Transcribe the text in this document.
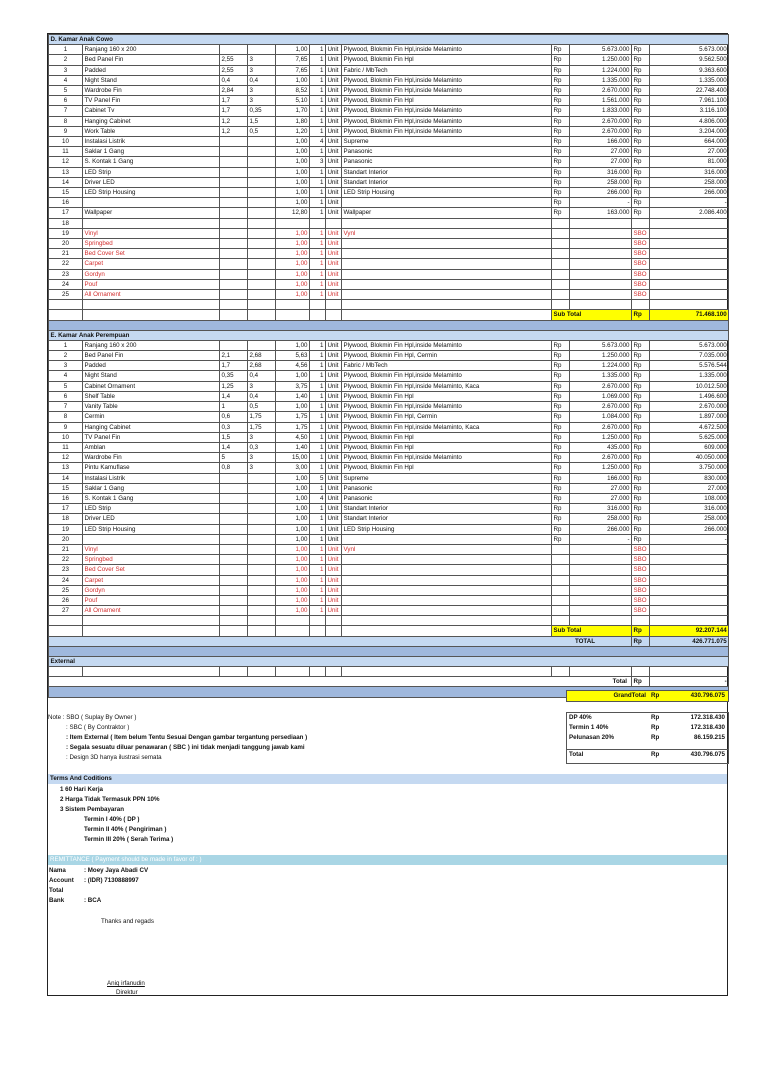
D. Kamar Anak Cowo											
1	Ranjang 160 x 200			1,00	1	Unit	Plywood, Blokmin Fin Hpl,inside Melaminto	Rp	5.673.000	Rp	5.673.000
2	Bed Panel Fin	2,55	3	7,65	1	Unit	Plywood, Blokmin Fin Hpl	Rp	1.250.000	Rp	9.562.500
3	Padded	2,55	3	7,65	1	Unit	Fabric / MbTech	Rp	1.224.000	Rp	9.363.600
4	Night Stand	0,4	0,4	1,00	1	Unit	Plywood, Blokmin Fin Hpl,inside Melaminto	Rp	1.335.000	Rp	1.335.000
5	Wardrobe Fin	2,84	3	8,52	1	Unit	Plywood, Blokmin Fin Hpl,inside Melaminto	Rp	2.670.000	Rp	22.748.400
6	TV Panel Fin	1,7	3	5,10	1	Unit	Plywood, Blokmin Fin Hpl	Rp	1.561.000	Rp	7.961.100
7	Cabinet Tv	1,7	0,35	1,70	1	Unit	Plywood, Blokmin Fin Hpl,inside Melaminto	Rp	1.833.000	Rp	3.116.100
8	Hanging Cabinet	1,2	1,5	1,80	1	Unit	Plywood, Blokmin Fin Hpl,inside Melaminto	Rp	2.670.000	Rp	4.806.000
9	Work Table	1,2	0,5	1,20	1	Unit	Plywood, Blokmin Fin Hpl,inside Melaminto	Rp	2.670.000	Rp	3.204.000
10	Instalasi Listrik			1,00	4	Unit	Supreme	Rp	166.000	Rp	664.000
11	Saklar 1 Gang			1,00	1	Unit	Panasonic	Rp	27.000	Rp	27.000
12	S. Kontak 1 Gang			1,00	3	Unit	Panasonic	Rp	27.000	Rp	81.000
13	LED Strip			1,00	1	Unit	Standart Interior	Rp	316.000	Rp	316.000
14	Driver LED			1,00	1	Unit	Standart Interior	Rp	258.000	Rp	258.000
15	LED Strip Housing			1,00	1	Unit	LED Strip Housing	Rp	266.000	Rp	266.000
16				1,00	1	Unit		Rp	-	Rp	-
17	Wallpaper			12,80	1	Unit	Wallpaper	Rp	163.000	Rp	2.086.400
18											
19	Vinyl			1,00	1	Unit	Vynl			SBO	
20	Springbed			1,00	1	Unit				SBO	
21	Bed Cover Set			1,00	1	Unit				SBO	
22	Carpet			1,00	1	Unit				SBO	
23	Gordyn			1,00	1	Unit				SBO	
24	Pouf			1,00	1	Unit				SBO	
25	All Ornament			1,00	1	Unit				SBO	

								Sub Total		Rp	71.468.100

E. Kamar Anak Perempuan											
1	Ranjang 160 x 200			1,00	1	Unit	Plywood, Blokmin Fin Hpl,inside Melaminto	Rp	5.673.000	Rp	5.673.000
2	Bed Panel Fin	2,1	2,68	5,63	1	Unit	Plywood, Blokmin Fin Hpl, Cermin	Rp	1.250.000	Rp	7.035.000
3	Padded	1,7	2,68	4,56	1	Unit	Fabric / MbTech	Rp	1.224.000	Rp	5.576.544
4	Night Stand	0,35	0,4	1,00	1	Unit	Plywood, Blokmin Fin Hpl,inside Melaminto	Rp	1.335.000	Rp	1.335.000
5	Cabinet Ornament	1,25	3	3,75	1	Unit	Plywood, Blokmin Fin Hpl,inside Melaminto, Kaca	Rp	2.670.000	Rp	10.012.500
6	Shelf Table	1,4	0,4	1,40	1	Unit	Plywood, Blokmin Fin Hpl	Rp	1.069.000	Rp	1.496.600
7	Vanity Table	1	0,5	1,00	1	Unit	Plywood, Blokmin Fin Hpl,inside Melaminto	Rp	2.670.000	Rp	2.670.000
8	Cermin	0,6	1,75	1,75	1	Unit	Plywood, Blokmin Fin Hpl, Cermin	Rp	1.084.000	Rp	1.897.000
9	Hanging Cabinet	0,3	1,75	1,75	1	Unit	Plywood, Blokmin Fin Hpl,inside Melaminto, Kaca	Rp	2.670.000	Rp	4.672.500
10	TV Panel Fin	1,5	3	4,50	1	Unit	Plywood, Blokmin Fin Hpl	Rp	1.250.000	Rp	5.625.000
11	Amblan	1,4	0,3	1,40	1	Unit	Plywood, Blokmin Fin Hpl	Rp	435.000	Rp	609.000
12	Wardrobe Fin	5	3	15,00	1	Unit	Plywood, Blokmin Fin Hpl,inside Melaminto	Rp	2.670.000	Rp	40.050.000
13	Pintu Kamuflase	0,8	3	3,00	1	Unit	Plywood, Blokmin Fin Hpl	Rp	1.250.000	Rp	3.750.000
14	Instalasi Listrik			1,00	5	Unit	Supreme	Rp	166.000	Rp	830.000
15	Saklar 1 Gang			1,00	1	Unit	Panasonic	Rp	27.000	Rp	27.000
16	S. Kontak 1 Gang			1,00	4	Unit	Panasonic	Rp	27.000	Rp	108.000
17	LED Strip			1,00	1	Unit	Standart Interior	Rp	316.000	Rp	316.000
18	Driver LED			1,00	1	Unit	Standart Interior	Rp	258.000	Rp	258.000
19	LED Strip Housing			1,00	1	Unit	LED Strip Housing	Rp	266.000	Rp	266.000
20				1,00	1	Unit		Rp	-	Rp	-
21	Vinyl			1,00	1	Unit	Vynl			SBO	
22	Springbed			1,00	1	Unit				SBO	
23	Bed Cover Set			1,00	1	Unit				SBO	
24	Carpet			1,00	1	Unit				SBO	
25	Gordyn			1,00	1	Unit				SBO	
26	Pouf			1,00	1	Unit				SBO	
27	All Ornament			1,00	1	Unit				SBO	

								Sub Total		Rp	92.207.144
TOTAL										Rp	426.771.075

External											

Total										Rp	-

GrandTotal Rp	430.796.075
Note : SBO ( Suplay By Owner )
: SBC ( By Contraktor )
: Item External ( Item belum Tentu Sesuai Dengan gambar tergantung persediaan )
: Segala sesuatu diluar penawaran ( SBC ) ini tidak menjadi tanggung jawab kami
: Design 3D hanya ilustrasi semata
DP 40%	Rp	172.318.430
Termin 1 40%	Rp	172.318.430
Pelunasan 20%	Rp	86.159.215
Total	Rp	430.796.075
Terms And Coditions
1 60 Hari Kerja
2 Harga Tidak Termasuk PPN 10%
3 Sistem Pembayaran
Termin I 40% ( DP )
Termin II 40% ( Pengiriman )
Termin III 20% ( Serah Terima )
REMITTANCE ( Payment should be made in favor of : )
Nama	: Moey Jaya Abadi CV
Account : (IDR) 7130888997
Total
Bank	: BCA
Thanks and regads
Aniq irfanudin
Direktur
